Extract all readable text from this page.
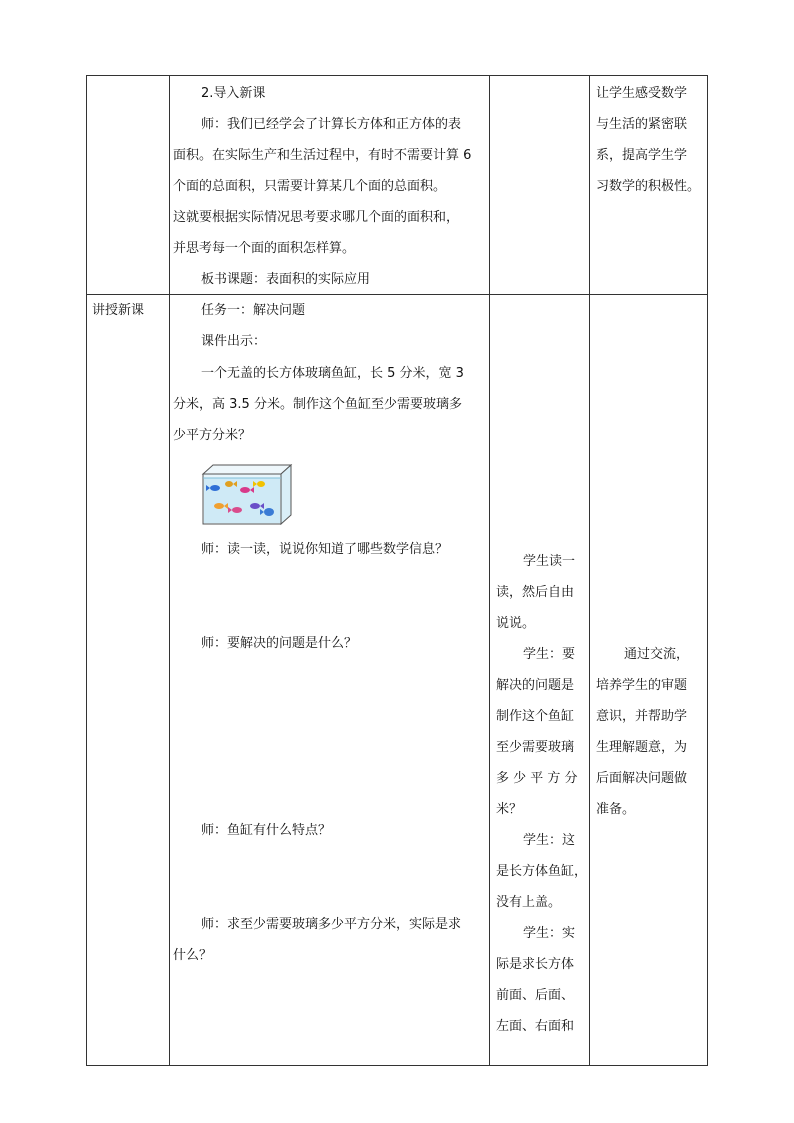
2.导入新课
师：我们已经学会了计算长方体和正方体的表
面积。在实际生产和生活过程中，有时不需要计算 6
个面的总面积，只需要计算某几个面的总面积。
这就要根据实际情况思考要求哪几个面的面积和，
并思考每一个面的面积怎样算。
板书课题：表面积的实际应用
让学生感受数学
与生活的紧密联
系，提高学生学
习数学的积极性。
讲授新课	任务一：解决问题
课件出示：
一个无盖的长方体玻璃鱼缸，长 5 分米，宽 3
分米，高 3.5 分米。制作这个鱼缸至少需要玻璃多
少平方分米？
师：读一读，说说你知道了哪些数学信息？
师：要解决的问题是什么？
师：鱼缸有什么特点？
师：求至少需要玻璃多少平方分米，实际是求
什么？
学生读一
读，然后自由
说说。
学生：要
解决的问题是
制作这个鱼缸
至少需要玻璃
多 少 平 方 分
米？
学生：这
是长方体鱼缸，
没有上盖。
学生：实
际是求长方体
前面、后面、
左面、右面和
通过交流，
培养学生的审题
意识，并帮助学
生理解题意，为
后面解决问题做
准备。
